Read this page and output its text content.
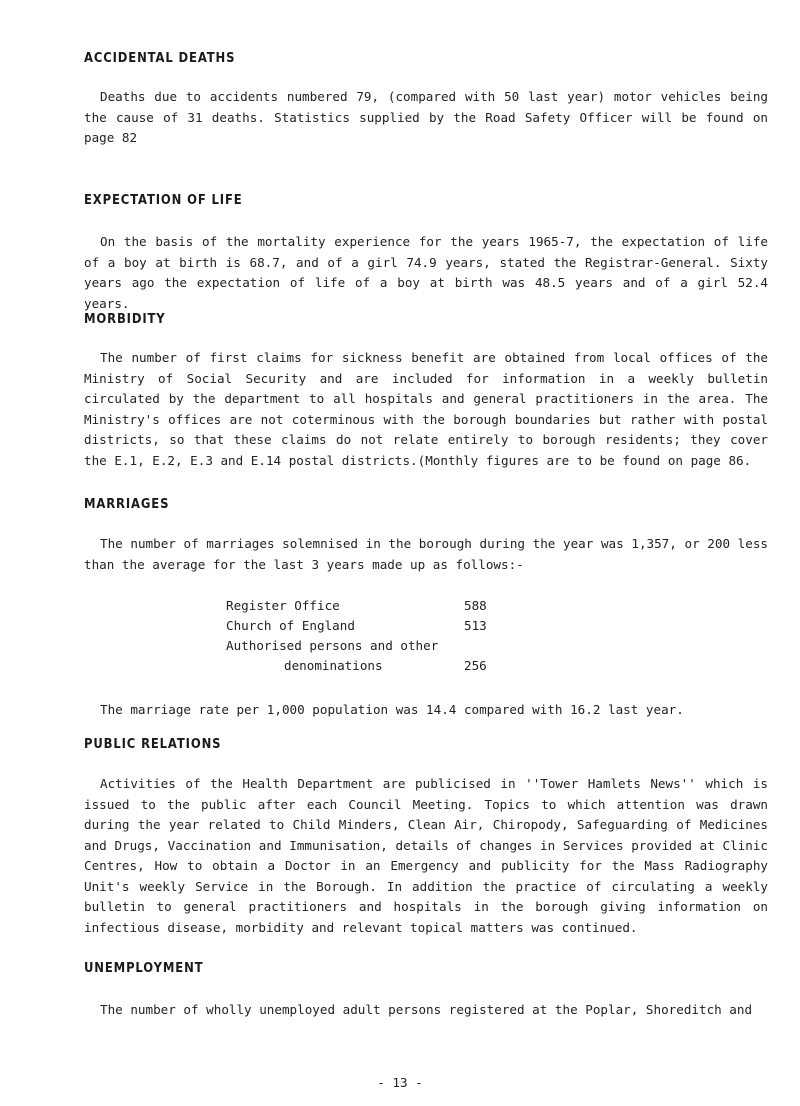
ACCIDENTAL DEATHS
Deaths due to accidents numbered 79, (compared with 50 last year) motor vehicles being the cause of 31 deaths. Statistics supplied by the Road Safety Officer will be found on page 82
EXPECTATION OF LIFE
On the basis of the mortality experience for the years 1965-7, the expectation of life of a boy at birth is 68.7, and of a girl 74.9 years, stated the Registrar-General. Sixty years ago the expectation of life of a boy at birth was 48.5 years and of a girl 52.4 years.
MORBIDITY
The number of first claims for sickness benefit are obtained from local offices of the Ministry of Social Security and are included for information in a weekly bulletin circulated by the department to all hospitals and general practitioners in the area. The Ministry's offices are not coterminous with the borough boundaries but rather with postal districts, so that these claims do not relate entirely to borough residents; they cover the E.1, E.2, E.3 and E.14 postal districts.(Monthly figures are to be found on page 86.
MARRIAGES
The number of marriages solemnised in the borough during the year was 1,357, or 200 less than the average for the last 3 years made up as follows:-
Register Office	588
Church of England	513
Authorised persons and other
denominations	256
The marriage rate per 1,000 population was 14.4 compared with 16.2 last year.
PUBLIC RELATIONS
Activities of the Health Department are publicised in ''Tower Hamlets News'' which is issued to the public after each Council Meeting. Topics to which attention was drawn during the year related to Child Minders, Clean Air, Chiropody, Safeguarding of Medicines and Drugs, Vaccination and Immunisation, details of changes in Services provided at Clinic Centres, How to obtain a Doctor in an Emergency and publicity for the Mass Radiography Unit's weekly Service in the Borough. In addition the practice of circulating a weekly bulletin to general practitioners and hospitals in the borough giving information on infectious disease, morbidity and relevant topical matters was continued.
UNEMPLOYMENT
The number of wholly unemployed adult persons registered at the Poplar, Shoreditch and
- 13 -
